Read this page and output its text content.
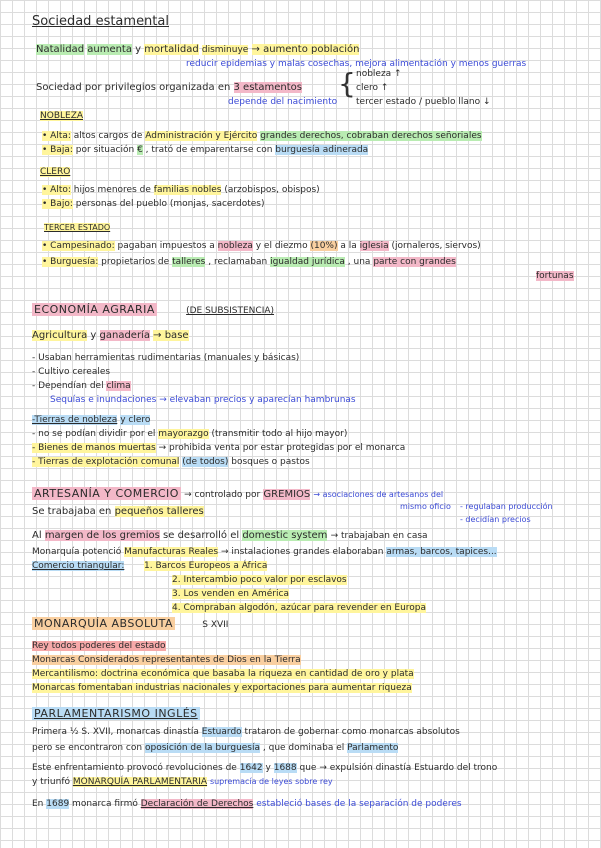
Sociedad estamental
Natalidad aumenta y mortalidad disminuye → aumento población
reducir epidemias y malas cosechas, mejora alimentación y menos guerras
Sociedad por privilegios organizada en 3 estamentos
depende del nacimiento
{ nobleza ↑
clero ↑
tercer estado / pueblo llano ↓
NOBLEZA
• Alta: altos cargos de Administración y Ejército grandes derechos, cobraban derechos señoriales
• Baja: por situación € , trató de emparentarse con burguesía adinerada
CLERO
• Alto: hijos menores de familias nobles (arzobispos, obispos)
• Bajo: personas del pueblo (monjas, sacerdotes)
TERCER ESTADO
• Campesinado: pagaban impuestos a nobleza y el diezmo (10%) a la iglesia (jornaleros, siervos)
• Burguesía: propietarios de talleres , reclamaban igualdad jurídica , una parte con grandes
fortunas
ECONOMÍA AGRARIA	(DE SUBSISTENCIA)
Agricultura y ganadería → base
- Usaban herramientas rudimentarias (manuales y básicas)
- Cultivo cereales
- Dependían del clima
Sequías e inundaciones → elevaban precios y aparecían hambrunas
-Tierras de nobleza y clero
- no se podían dividir por el mayorazgo (transmitir todo al hijo mayor)
- Bienes de manos muertas → prohibida venta por estar protegidas por el monarca
- Tierras de explotación comunal (de todos) bosques o pastos
ARTESANÍA Y COMERCIO → controlado por GREMIOS → asociaciones de artesanos del
mismo oficio - regulaban producción
- decidían precios
Se trabajaba en pequeños talleres
Al margen de los gremios se desarrolló el domestic system → trabajaban en casa
Monarquía potenció Manufacturas Reales → instalaciones grandes elaboraban armas, barcos, tapices...
Comercio triangular: 1. Barcos Europeos a África
2. Intercambio poco valor por esclavos
3. Los venden en América
4. Compraban algodón, azúcar para revender en Europa
MONARQUÍA ABSOLUTA	S XVII
Rey todos poderes del estado
Monarcas Considerados representantes de Dios en la Tierra
Mercantilismo: doctrina económica que basaba la riqueza en cantidad de oro y plata
Monarcas fomentaban industrias nacionales y exportaciones para aumentar riqueza
PARLAMENTARISMO INGLÉS
Primera ½ S. XVII, monarcas dinastía Estuardo trataron de gobernar como monarcas absolutos
pero se encontraron con oposición de la burguesía , que dominaba el Parlamento
Este enfrentamiento provocó revoluciones de 1642 y 1688 que → expulsión dinastía Estuardo del trono
y triunfó MONARQUÍA PARLAMENTARIA supremacía de leyes sobre rey
En 1689 monarca firmó Declaración de Derechos estableció bases de la separación de poderes
